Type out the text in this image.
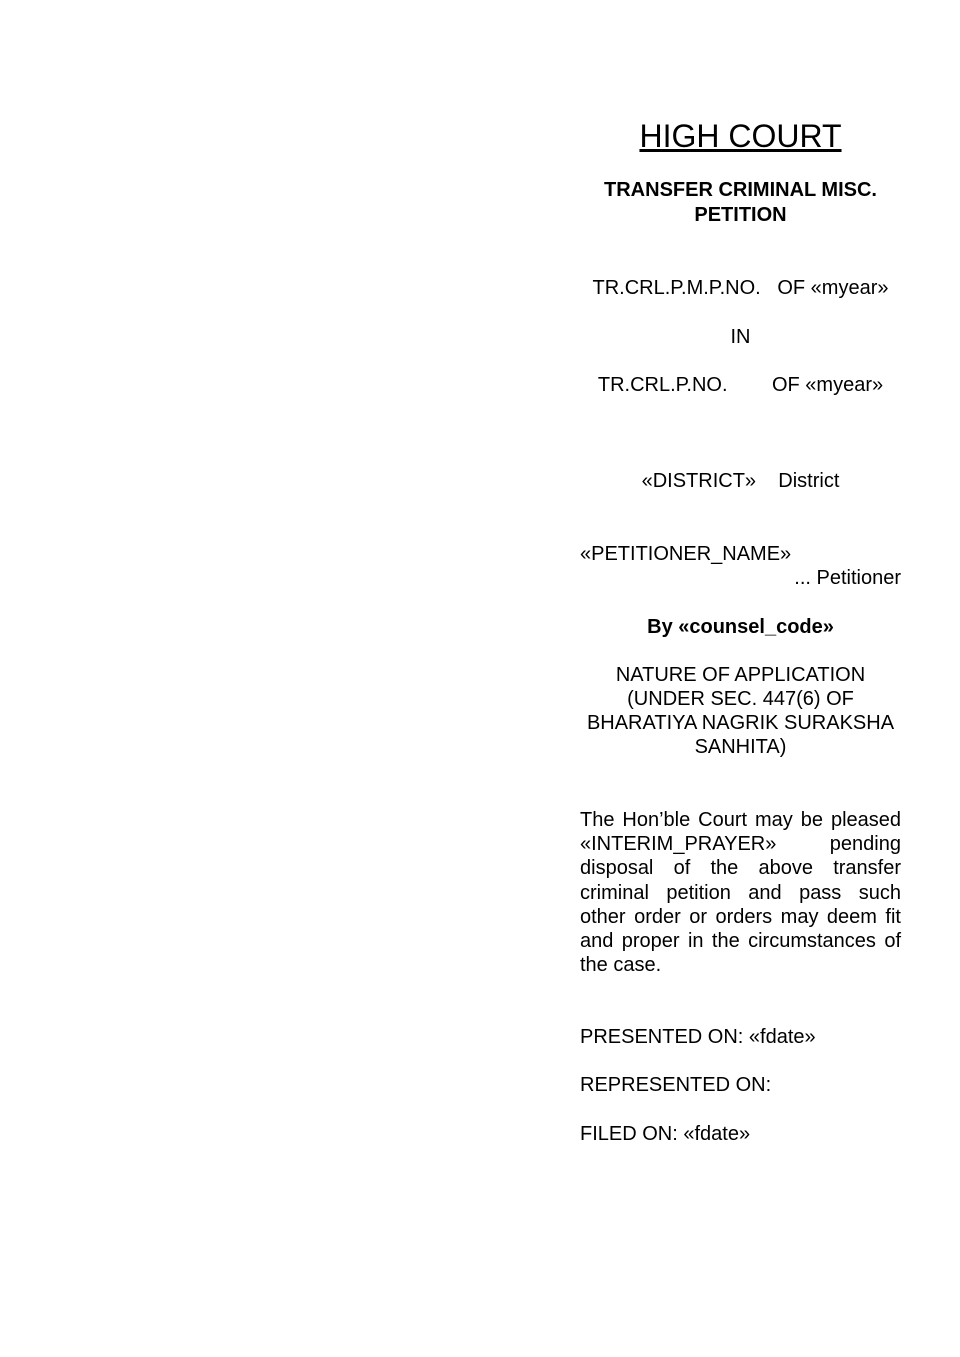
HIGH COURT

TRANSFER CRIMINAL MISC. PETITION

TR.CRL.P.M.P.NO.   OF «myear»

IN

TR.CRL.P.NO.        OF «myear»

«DISTRICT»    District

«PETITIONER_NAME»

... Petitioner

By «counsel_code»

NATURE OF APPLICATION (UNDER SEC. 447(6) OF BHARATIYA NAGRIK SURAKSHA SANHITA)

The Hon’ble Court may be pleased «INTERIM_PRAYER» pending disposal of the above transfer criminal petition and pass such other order or orders may deem fit and proper in the circumstances of the case.

PRESENTED ON: «fdate»

REPRESENTED ON:

FILED ON: «fdate»
